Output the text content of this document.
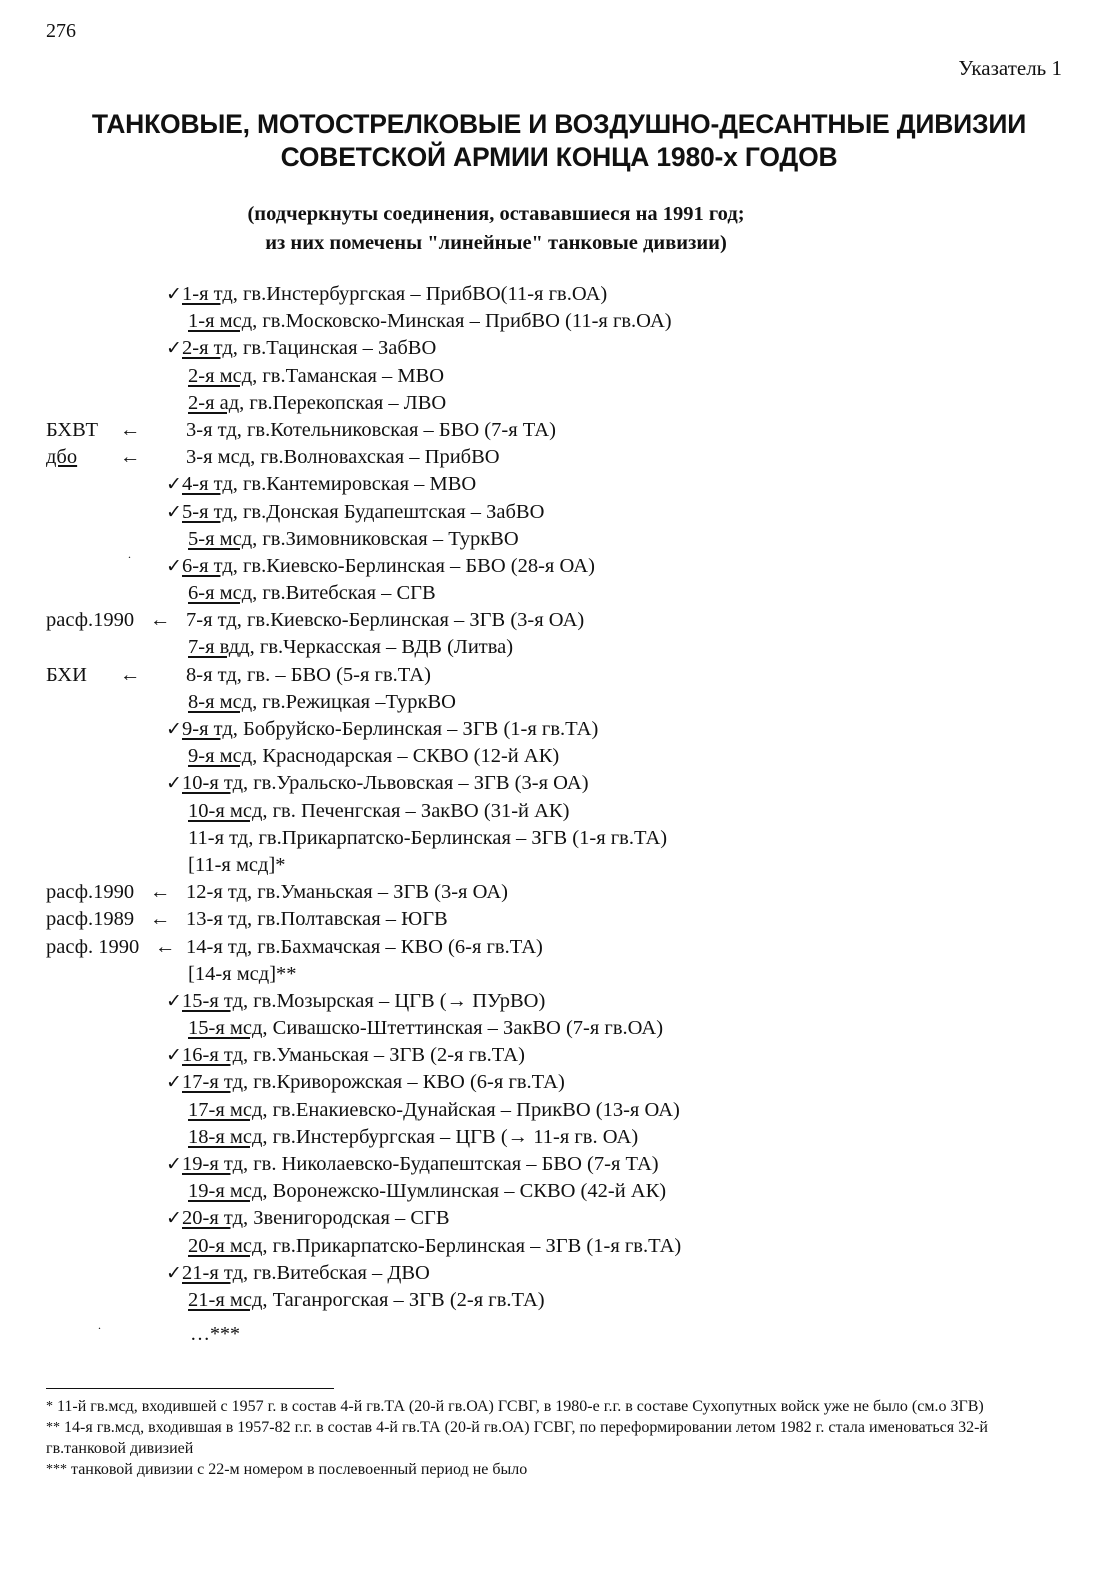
276
Указатель 1
ТАНКОВЫЕ, МОТОСТРЕЛКОВЫЕ И ВОЗДУШНО-ДЕСАНТНЫЕ ДИВИЗИИ
СОВЕТСКОЙ АРМИИ КОНЦА 1980-х ГОДОВ
(подчеркнуты соединения, остававшиеся на 1991 год;
из них помечены "линейные" танковые дивизии)
✓ 1-я тд, гв.Инстербургская – ПрибВО(11-я гв.ОА)
1-я мсд, гв.Московско-Минская – ПрибВО (11-я гв.ОА)
✓ 2-я тд, гв.Тацинская – ЗабВО
2-я мсд, гв.Таманская – МВО
2-я ад, гв.Перекопская – ЛВО
БХВТ ← 3-я тд, гв.Котельниковская – БВО (7-я ТА)
дбо ← 3-я мсд, гв.Волновахская – ПрибВО
✓ 4-я тд, гв.Кантемировская – МВО
✓ 5-я тд, гв.Донская Будапештская – ЗабВО
5-я мсд, гв.Зимовниковская – ТуркВО
✓ 6-я тд, гв.Киевско-Берлинская – БВО (28-я ОА)
6-я мсд, гв.Витебская – СГВ
расф.1990 ← 7-я тд, гв.Киевско-Берлинская – ЗГВ (3-я ОА)
7-я вдд, гв.Черкасская – ВДВ (Литва)
БХИ ← 8-я тд, гв. – БВО (5-я гв.ТА)
8-я мсд, гв.Режицкая –ТуркВО
✓ 9-я тд, Бобруйско-Берлинская – ЗГВ (1-я гв.ТА)
9-я мсд, Краснодарская – СКВО (12-й АК)
✓ 10-я тд, гв.Уральско-Львовская – ЗГВ (3-я ОА)
10-я мсд, гв. Печенгская – ЗакВО (31-й АК)
11-я тд, гв.Прикарпатско-Берлинская – ЗГВ (1-я гв.ТА)
[11-я мсд]*
расф.1990 ← 12-я тд, гв.Уманьская – ЗГВ (3-я ОА)
расф.1989 ← 13-я тд, гв.Полтавская – ЮГВ
расф. 1990 ← 14-я тд, гв.Бахмачская – КВО (6-я гв.ТА)
[14-я мсд]**
✓ 15-я тд, гв.Мозырская – ЦГВ (→ ПУрВО)
15-я мсд, Сивашско-Штеттинская – ЗакВО (7-я гв.ОА)
✓ 16-я тд, гв.Уманьская – ЗГВ (2-я гв.ТА)
✓ 17-я тд, гв.Криворожская – КВО (6-я гв.ТА)
17-я мсд, гв.Енакиевско-Дунайская – ПрикВО (13-я ОА)
18-я мсд, гв.Инстербургская – ЦГВ (→ 11-я гв. ОА)
✓ 19-я тд, гв. Николаевско-Будапештская – БВО (7-я ТА)
19-я мсд, Воронежско-Шумлинская – СКВО (42-й АК)
✓ 20-я тд, Звенигородская – СГВ
20-я мсд, гв.Прикарпатско-Берлинская – ЗГВ (1-я гв.ТА)
✓ 21-я тд, гв.Витебская – ДВО
21-я мсд, Таганрогская – ЗГВ (2-я гв.ТА)
.
.	…***

* 11-й гв.мсд, входившей с 1957 г. в состав 4-й гв.ТА (20-й гв.ОА) ГСВГ, в 1980-е г.г. в составе Сухопутных войск уже не было (см.о ЗГВ)

** 14-я гв.мсд, входившая в 1957-82 г.г. в состав 4-й гв.ТА (20-й гв.ОА) ГСВГ, по переформировании летом 1982 г. стала именоваться 32-й гв.танковой дивизией

*** танковой дивизии с 22-м номером в послевоенный период не было
